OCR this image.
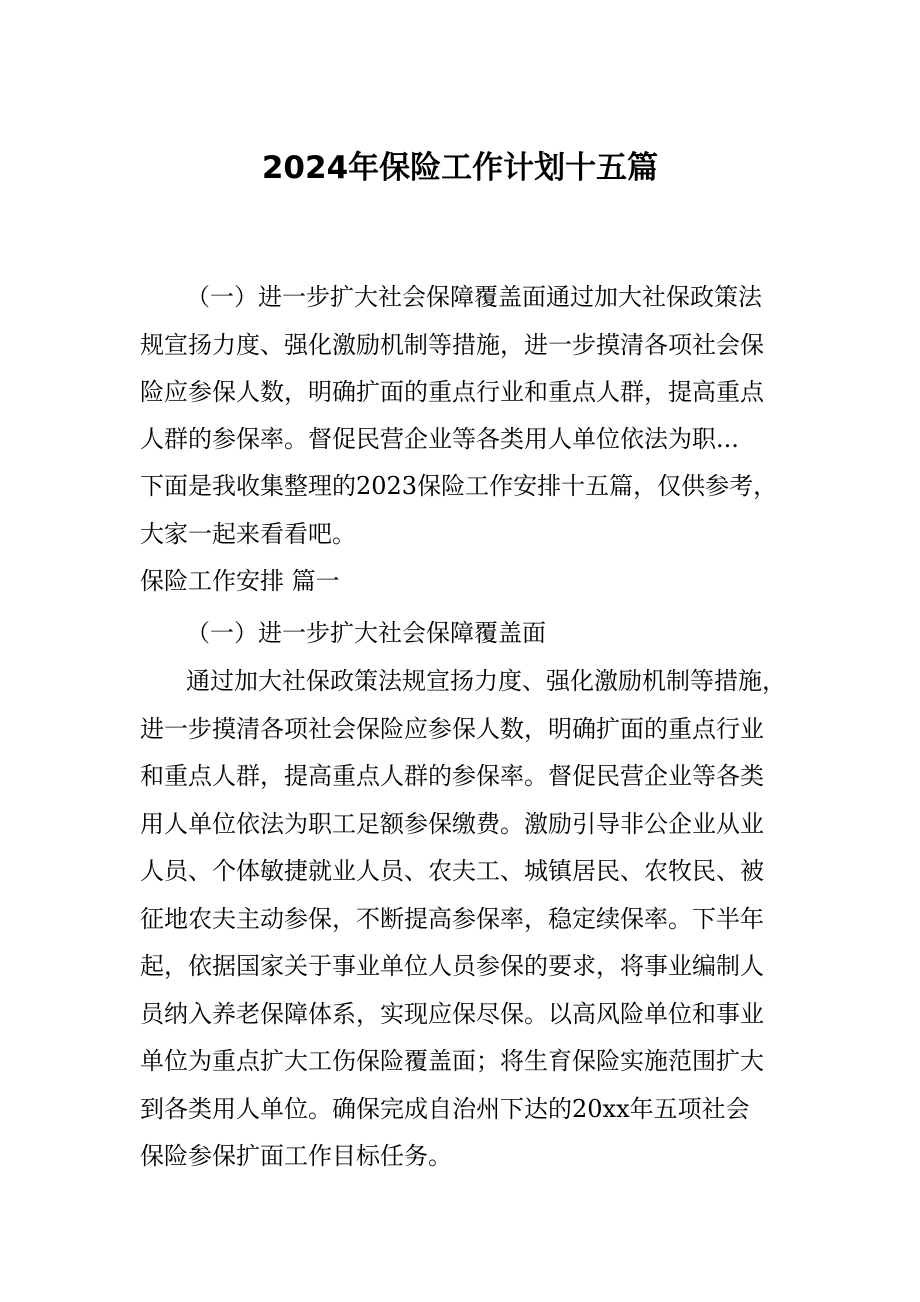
2024年保险工作计划十五篇
（一）进一步扩大社会保障覆盖面通过加大社保政策法
规宣扬力度、强化激励机制等措施，进一步摸清各项社会保
险应参保人数，明确扩面的重点行业和重点人群，提高重点
人群的参保率。督促民营企业等各类用人单位依法为职...
下面是我收集整理的2023保险工作安排十五篇，仅供参考，
大家一起来看看吧。
保险工作安排 篇一
（一）进一步扩大社会保障覆盖面
通过加大社保政策法规宣扬力度、强化激励机制等措施，
进一步摸清各项社会保险应参保人数，明确扩面的重点行业
和重点人群，提高重点人群的参保率。督促民营企业等各类
用人单位依法为职工足额参保缴费。激励引导非公企业从业
人员、个体敏捷就业人员、农夫工、城镇居民、农牧民、被
征地农夫主动参保，不断提高参保率，稳定续保率。下半年
起，依据国家关于事业单位人员参保的要求，将事业编制人
员纳入养老保障体系，实现应保尽保。以高风险单位和事业
单位为重点扩大工伤保险覆盖面；将生育保险实施范围扩大
到各类用人单位。确保完成自治州下达的20xx年五项社会
保险参保扩面工作目标任务。
